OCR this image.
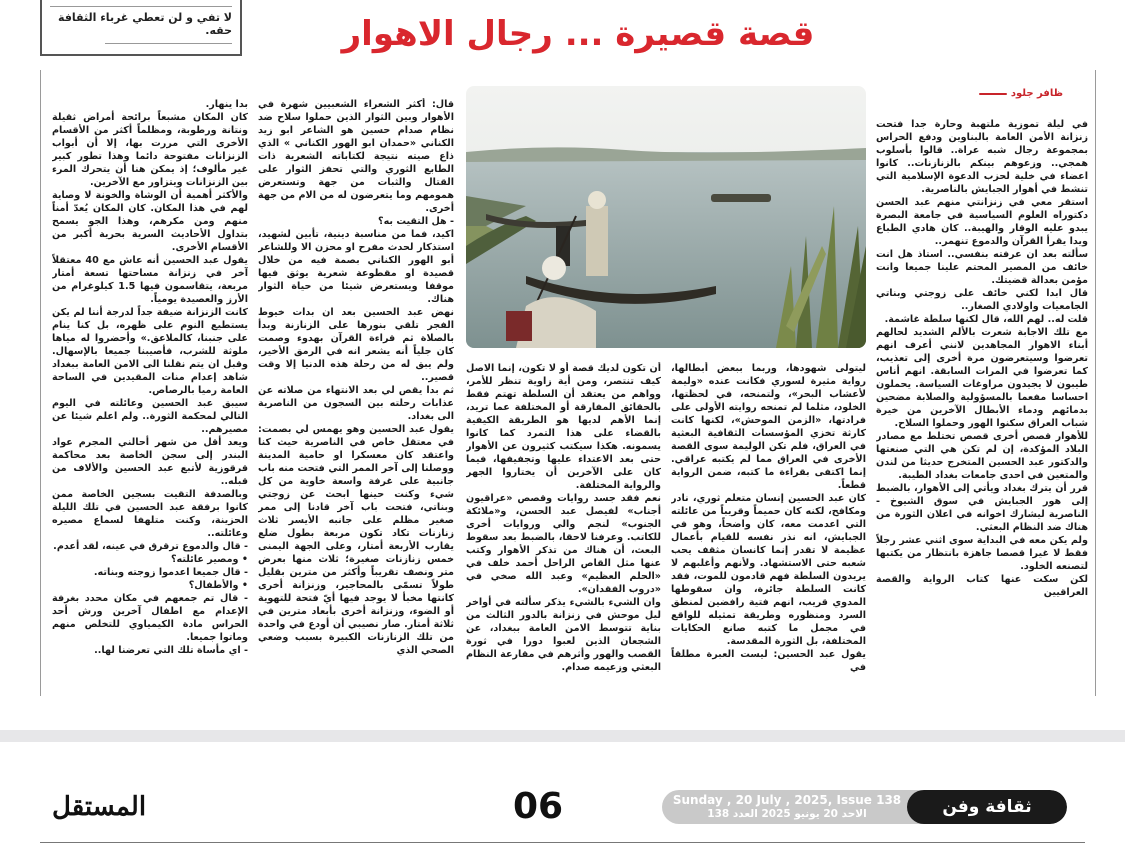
لا تفي و لن تعطي غرباء الثقافة حقه.	قصة قصيرة ... رجال الاهوار
ظافر جلود

في ليلة تموزية ملتهبة وحارة جدا فتحت زنزانة الأمن العامة بالبناوين ودفع الحراس بمجموعة رجال شبه عراة.. قالوا بأسلوب همجي.. وزعوهم بينكم بالزنازنات.. كانوا اعضاء في خلية لحزب الدعوة الإسلامية التي تنشط في أهوار الجبايش بالناصرية.

استقر معي في زنزانتي منهم عبد الحسن دكتوراه العلوم السياسية في جامعة البصرة يبدو عليه الوقار والهيبة.. كان هادي الطباع ويدا يقرأ القرآن والدموع تنهمر..

سألته بعد ان عرفته بنفسي.. استاذ هل انت خائف من المصير المحتم علينا جميعا وانت مؤمن بعدالة قضيتك.

قال ابدا لكني خائف على زوجتي وبناتي الجامعيات واولادي الصغار..

قلت له.. لهم الله، قال لكنها سلطة غاشمة.

مع تلك الاجابة شعرت بالألم الشديد لحالهم أبناء الاهوار المجاهدين لانني أعرف انهم تعرضوا وسيتعرضون مرة أخرى إلى تعذيب، كما تعرضوا في المرات السابقة. انهم أناس طيبون لا يجيدون مراوغات السياسة. يحملون احساسا مفعما بالمسؤولية والصلابة مضحين بدمائهم ودماء الأبطال الآخرين من خيرة شباب العراق سكنوا الهور وحملوا السلاح.

للأهوار قصص أخرى قصص تختلط مع مصادر البلاد المؤكدة، إن لم تكن هي التي صنعتها والدكتور عبد الحسين المتخرج حديثا من لندن والمتعين في احدى جامعات بغداد الطيبة.

قرر أن يترك بغداد ويأتي إلى الأهوار، بالضبط إلى هور الجبايش في سوق الشيوخ - الناصرية ليشارك اخوانه في اعلان الثورة من هناك ضد النظام البعثي.

ولم يكن معه في البداية سوى اثني عشر رجلاً فقط لا غيرا قصصا جاهزة بانتظار من يكتبها لتصنعه الخلود.

لكن سكت عنها كتاب الرواية والقصة العراقيين

ليتولى شهودها، وربما ببعض أبطالها، رواية مثيرة لسوري فكانت عنده «وليمة لأعشاب البحر»، ولتمنحه، في لحظتها، الخلود، مثلما لم تمنحه روايته الأولى على فرادتها، «الزمن الموحش»، لكنها كانت كارثة تخزي المؤسسات الثقافية البعثية في العراق، فلم تكن الوليمة سوى القصة الأخرى في العراق مما لم يكتبه عراقي. إنما اكتفى بقراءة ما كتبه، ضمن الرواية قطعاً.

كان عبد الحسين إنسان متعلم ثوري، نادر ومكافح، لكنه كان حميماً وقريباً من عائلته التي اعدمت معه، كان واضحاً، وهو في الجبايش، انه نذر نفسه للقيام بأعمال عظيمة لا تقدر إنما كانسان مثقف يحب شعبه حتى الاستشهاد. ولأنهم وأغلبهم لا يريدون السلطة فهم قادمون للموت، فقد كانت السلطة جائرة، وان سقوطها المدوي قريب، انهم فتية رافضين لمنطق السرد ومنظوره وطريقة تمثيله للواقع في مجمل ما كتبه صانع الحكايات المختلفة، بل الثورة المقدسة.

يقول عبد الحسين: ليست العبرة مطلقاً في

أن تكون لديك قصة أو لا تكون، إنما الاصل كيف تنتصر، ومن أية زاوية تنظر للأمر، وواهم من يعتقد أن السلطة تهتم فقط بالحقائق المفارقة أو المختلفة عما تريد، إنما الأهم لديها هو الطريقة الكيفية بالقضاء على هذا التمرد كما كانوا يسمونه. هكذا سيكتب كثيرون عن الأهوار حتى بعد الاعتداء عليها وتجفيفها، فيما كان على الآخرين أن يختاروا الجهر والرواية المختلفة.

نعم فقد جسد روايات وقصص «عراقيون أجناب» لفيصل عبد الحسن، و«ملائكة الجنوب» لنجم والي وروايات أخرى للكاتب. وعرفنا لاحقا، بالضبط بعد سقوط البعث، أن هناك من تذكر الأهوار وكتب عنها مثل القاص الراحل أحمد خلف في «الحلم العظيم» وعبد الله صخي في «دروب الفقدان».

وان الشيء بالشيء يذكر سألته في أواخر ليل موحش في زنزانة بالدور الثالث من بناية تتوسط الامن العامة ببغداد، عن الشجعان الذين لعبوا دورا في ثورة القصب والهور وأثرهم في مقارعة النظام البعثي وزعيمه صدام.

قال: أكثر الشعراء الشعبيين شهرة في الأهوار وبين الثوار الذين حملوا سلاح ضد نظام صدام حسين هو الشاعر ابو زيد الكناني «حمدان ابو الهور الكناني » الذي ذاع صيته نتيجة لكتاباته الشعرية ذات الطابع الثوري والتي تحفز الثوار على القتال والثبات من جهة وتستعرض همومهم وما يتعرضون له من الام من جهة أخرى.

- هل التقيت به؟

اكيد، فما من مناسبة دينية، تأبين لشهيد، استذكار لحدث مفرح او محزن الا وللشاعر أبو الهور الكناني بصمة فيه من خلال قصيدة او مقطوعة شعرية يوثق فيها موقفا ويستعرض شيئا من حياة الثوار هناك.

نهض عبد الحسين بعد ان بدات خيوط الفجر تلقي بنورها على الزنازنة وبدأ بالصلاة ثم قراءة القرآن بهدوء وصمت كان جلياً أنه يشعر انه في الرمق الأخير، ولم يبق له من رحلة هذه الدنيا إلا وقت قصير..

ثم بدا يقص لي بعد الانتهاء من صلاته عن عذابات رحلته بين السجون من الناصرية الى بغداد.

يقول عبد الحسين وهو يهمس لي بصمت: في معتقل خاص في الناصرية حيث كنا واعتقد كان معسكرا او حامية المدينة ووصلنا إلى آخر الممر التي فتحت منه باب جانبية على غرفة واسعة خاوية من كل شيء وكنت حينها ابحث عن زوجتي وبناتي، فتحت باب آخر قادنا إلى ممر صغير مظلم على جانبه الأيسر ثلاث زنازنات تكاد تكون مربعة بطول ضلع يقارب الأربعة أمتار، وعلى الجهة اليمنى خمس زنازنات صغيرة؛ ثلاث منها بعرض متر ونصف تقريباً وأكثر من مترين بقليل طولاً تسمّى بالمحاجير، وزنزانة أخرى كانتها مخبأ لا يوجد فيها أيّ فتحة للتهوية أو الضوء، وزنزانة أخرى بأبعاد مترين في ثلاثة أمتار. صار نصيبي أن أودع في واحدة من تلك الزنازنات الكبيرة بسبب وضعي الصحي الذي

بدا ينهار.

كان المكان مشبعاً برائحة أمراض ثقيلة ونتانة ورطوبة، ومظلماً أكثر من الأقسام الأخرى التي مررت بها، إلا أن أبواب الزنزانات مفتوحة دائما وهذا تطور كبير غير مألوف؛ إذ يمكن هنا أن يتحرك المرء بين الزنزانات ويتزاور مع الآخرين.

والأكثر أهمية أن الوشاة والخونة لا وصاية لهم في هذا المكان. كان المكان يُعدّ أمناً منهم ومن مكرهم، وهذا الجو يسمح بتداول الأحاديث السرية بحرية أكبر من الأقسام الأخرى.

يقول عبد الحسين أنه عاش مع 40 معتقلاً آخر في زنزانة مساحتها تسعة أمتار مربعة، يتقاسمون فيها 1.5 كيلوغرام من الأرز والعصيدة يومياً.

كانت الزنزانة ضيقة جداً لدرجة أننا لم يكن يستطيع النوم على ظهره، بل كنا ينام على جنبنا، كالملاعق.» وأحضروا له مياها ملوثة للشرب، فأصيبنا جميعا بالإسهال. وقبل ان يتم نقلنا الى الامن العامة ببغداد شاهد إعدام منات المقيدين في الساحة العامة رميا بالرصاص.

سيبق عبد الحسين وعائلته في اليوم التالي لمحكمة الثورة.. ولم اعلم شيئا عن مصيرهم..

ويعد أقل من شهر أحالني المجرم عواد البندر إلى سجن الخاصة بعد محاكمة قرقوزية لأتبع عبد الحسين والألاف من قبله..

وبالصدفة التقيت بسجين الخاصة ممن كانوا برفقة عبد الحسين في تلك الليلة الحزينة، وكنت متلهفا لسماع مصيره وعائلته..

- قال والدموع ترقرق في عينه، لقد أعدم.

• ومصير عائلته؟

- قال جميعا اعدموا زوجته وبناته.

• والأطفال؟

- قال تم جمعهم في مكان محدد بغرفة الإعدام مع اطفال آخرين ورش أحد الحراس مادة الكيمياوي للتخلص منهم وماتوا جميعا.

- اي مأساة تلك التي تعرضنا لها..

المستقل	06	Sunday , 20 July , 2025, Issue 138
الاحد 20 يونيو 2025 العدد 138	ثقافة وفن
